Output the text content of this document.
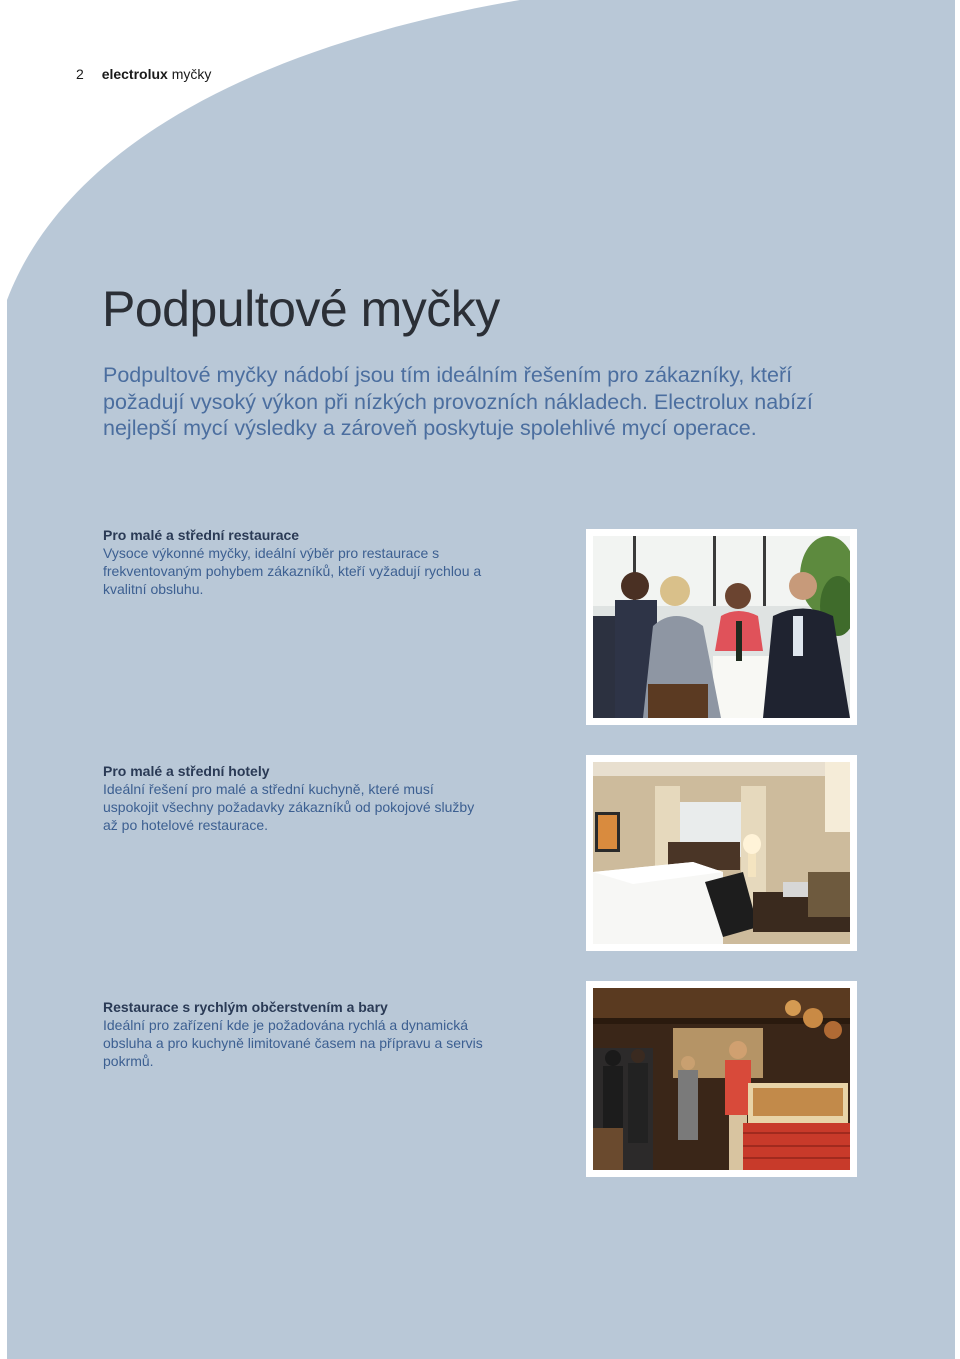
2 electrolux myčky
Podpultové myčky

Podpultové myčky nádobí jsou tím ideálním řešením pro zákazníky, kteří požadují vysoký výkon při nízkých provozních nákladech. Electrolux nabízí nejlepší mycí výsledky a zároveň poskytuje spolehlivé mycí operace.

Pro malé a střední restaurace

Vysoce výkonné myčky, ideální výběr pro restaurace s frekventovaným pohybem zákazníků, kteří vyžadují rychlou a kvalitní obsluhu.

Pro malé a střední hotely

Ideální řešení pro malé a střední kuchyně, které musí uspokojit všechny požadavky zákazníků od pokojové služby až po hotelové restaurace.

Restaurace s rychlým občerstvením a bary

Ideální pro zařízení kde je požadována rychlá a dynamická obsluha a pro kuchyně limitované časem na přípravu a servis pokrmů.
